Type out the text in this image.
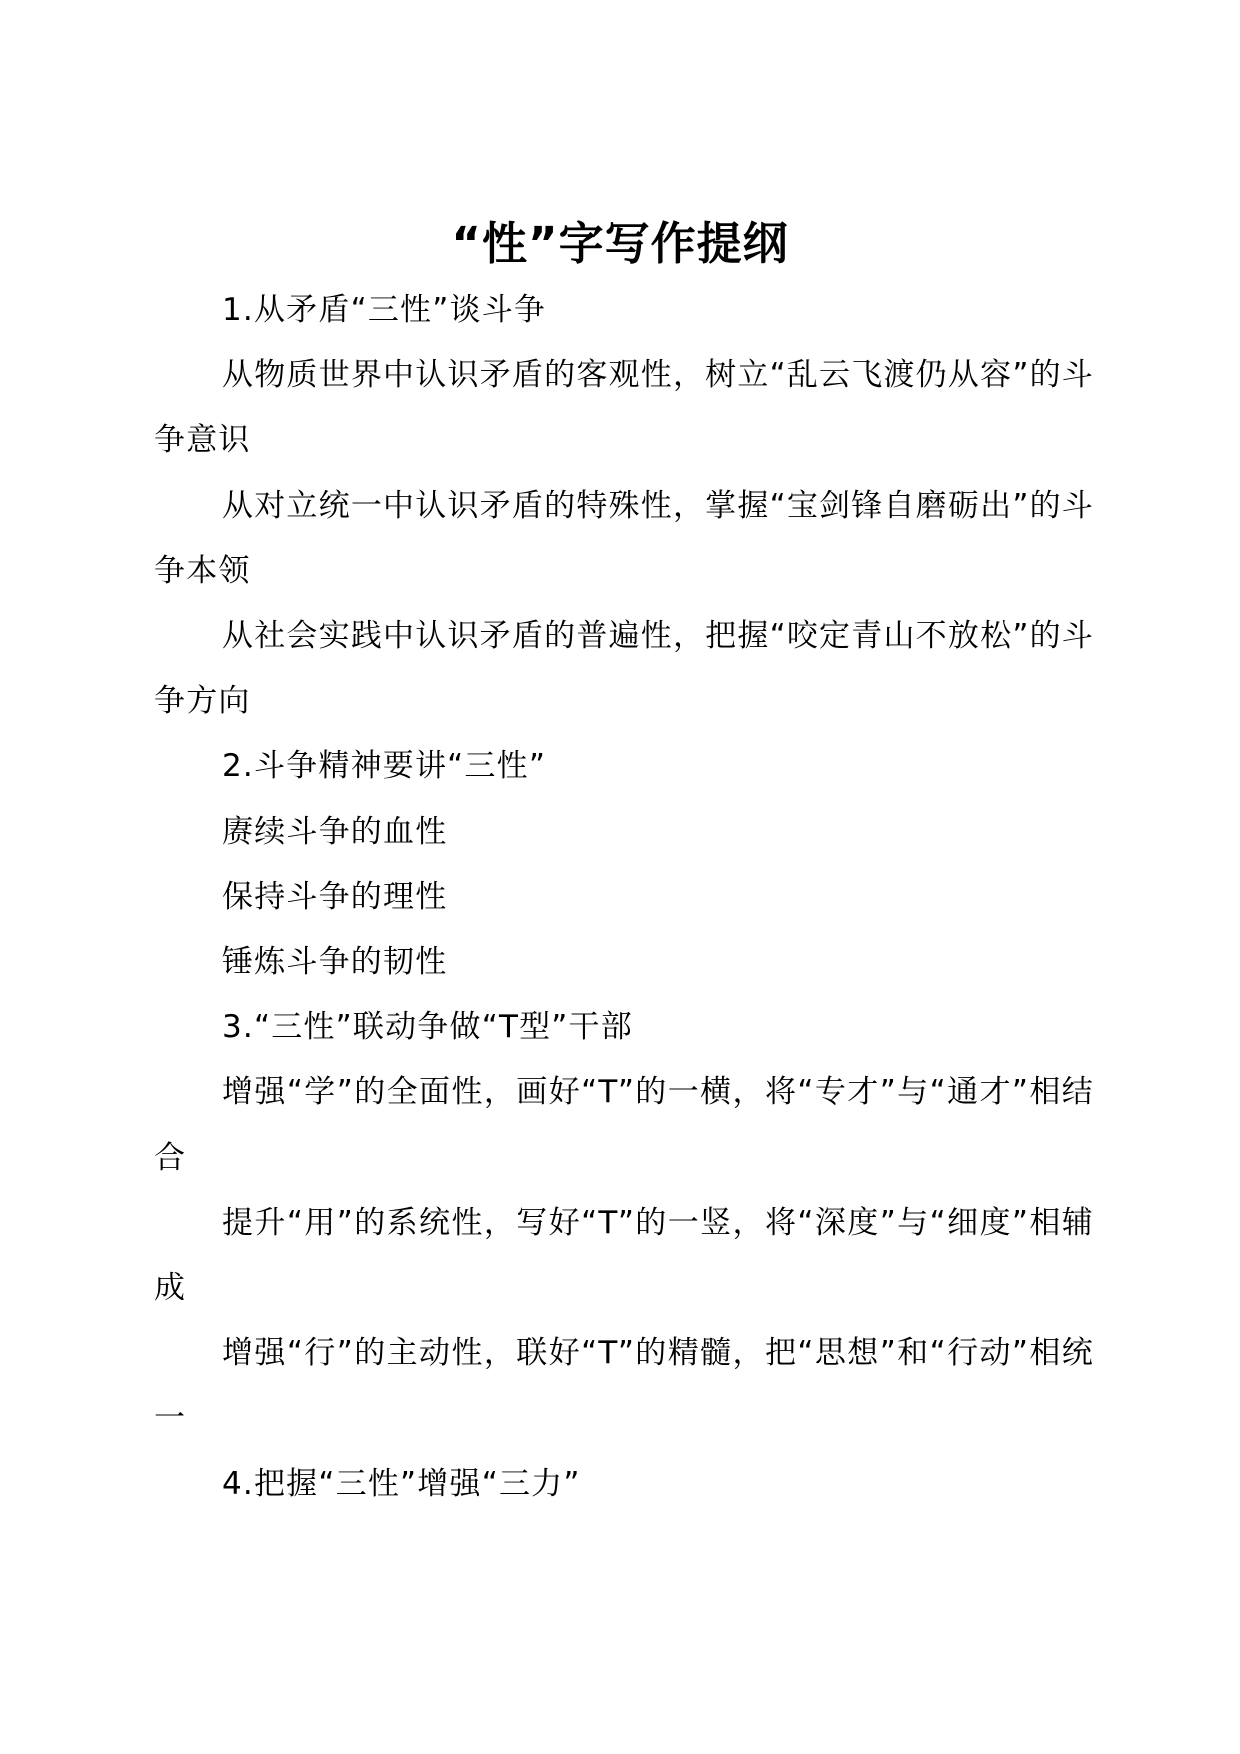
“性”字写作提纲

1.从矛盾“三性”谈斗争

从物质世界中认识矛盾的客观性，树立“乱云飞渡仍从容”的斗争意识

从对立统一中认识矛盾的特殊性，掌握“宝剑锋自磨砺出”的斗争本领

从社会实践中认识矛盾的普遍性，把握“咬定青山不放松”的斗争方向

2.斗争精神要讲“三性”

赓续斗争的血性

保持斗争的理性

锤炼斗争的韧性

3.“三性”联动争做“T型”干部

增强“学”的全面性，画好“T”的一横，将“专才”与“通才”相结合

提升“用”的系统性，写好“T”的一竖，将“深度”与“细度”相辅成

增强“行”的主动性，联好“T”的精髓，把“思想”和“行动”相统一

4.把握“三性”增强“三力”
